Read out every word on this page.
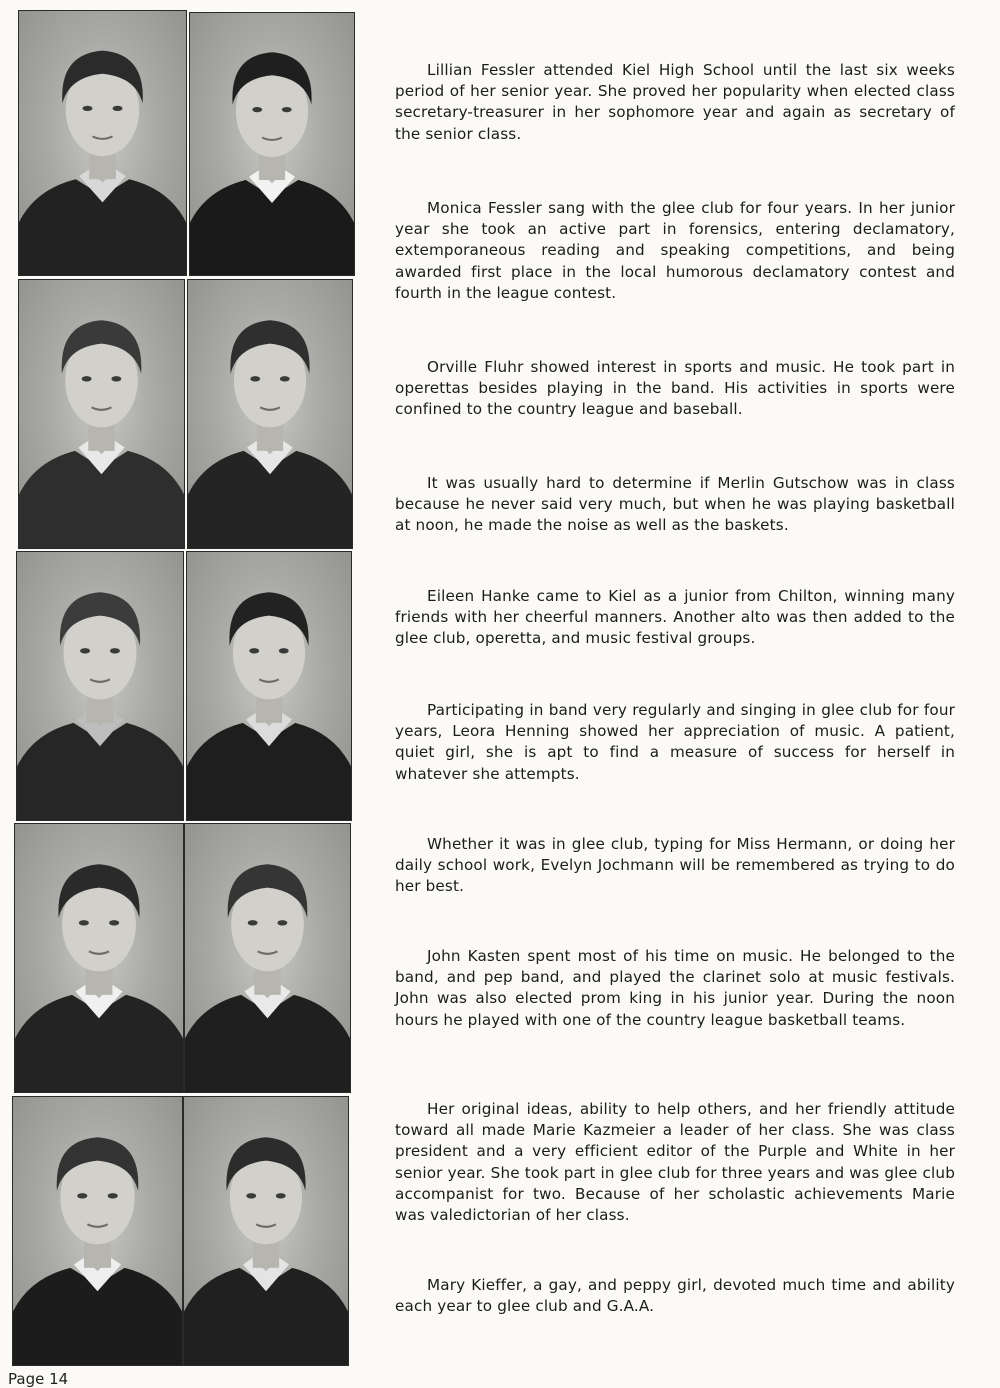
Lillian Fessler attended Kiel High School until the last six weeks period of her senior year. She proved her popularity when elected class secretary-treasurer in her sophomore year and again as secretary of the senior class.

Monica Fessler sang with the glee club for four years. In her junior year she took an active part in forensics, entering declamatory, extemporaneous reading and speaking competitions, and being awarded first place in the local humorous declamatory contest and fourth in the league contest.

Orville Fluhr showed interest in sports and music. He took part in operettas besides playing in the band. His activities in sports were confined to the country league and baseball.

It was usually hard to determine if Merlin Gutschow was in class because he never said very much, but when he was playing basketball at noon, he made the noise as well as the baskets.

Eileen Hanke came to Kiel as a junior from Chilton, winning many friends with her cheerful manners. Another alto was then added to the glee club, operetta, and music festival groups.

Participating in band very regularly and singing in glee club for four years, Leora Henning showed her appreciation of music. A patient, quiet girl, she is apt to find a measure of success for herself in whatever she attempts.

Whether it was in glee club, typing for Miss Hermann, or doing her daily school work, Evelyn Jochmann will be remembered as trying to do her best.

John Kasten spent most of his time on music. He belonged to the band, and pep band, and played the clarinet solo at music festivals. John was also elected prom king in his junior year. During the noon hours he played with one of the country league basketball teams.

Her original ideas, ability to help others, and her friendly attitude toward all made Marie Kazmeier a leader of her class. She was class president and a very efficient editor of the Purple and White in her senior year. She took part in glee club for three years and was glee club accompanist for two. Because of her scholastic achievements Marie was valedictorian of her class.

Mary Kieffer, a gay, and peppy girl, devoted much time and ability each year to glee club and G.A.A.

Page 14
